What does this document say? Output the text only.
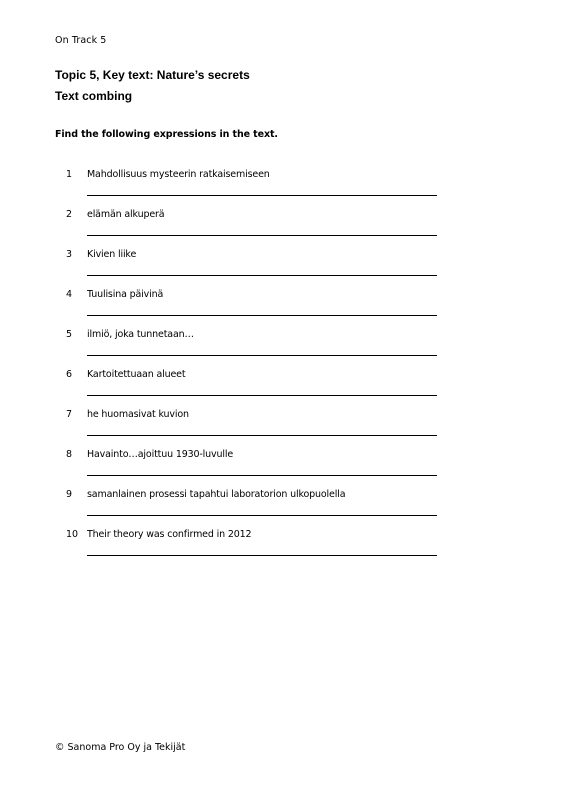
On Track 5
Topic 5, Key text: Nature’s secrets
Text combing
Find the following expressions in the text.
1	Mahdollisuus mysteerin ratkaisemiseen
2	elämän alkuperä
3	Kivien liike
4	Tuulisina päivinä
5	ilmiö, joka tunnetaan…
6	Kartoitettuaan alueet
7	he huomasivat kuvion
8	Havainto…ajoittuu 1930-luvulle
9	samanlainen prosessi tapahtui laboratorion ulkopuolella
10 Their theory was confirmed in 2012
© Sanoma Pro Oy ja Tekijät
